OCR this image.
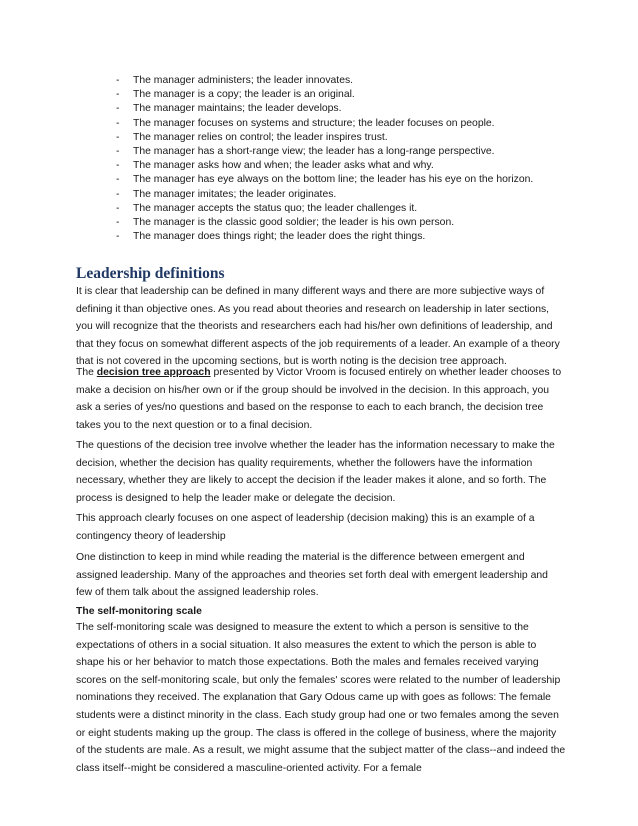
- The manager administers; the leader innovates.
- The manager is a copy; the leader is an original.
- The manager maintains; the leader develops.
- The manager focuses on systems and structure; the leader focuses on people.
- The manager relies on control; the leader inspires trust.
- The manager has a short-range view; the leader has a long-range perspective.
- The manager asks how and when; the leader asks what and why.
- The manager has eye always on the bottom line; the leader has his eye on the horizon.
- The manager imitates; the leader originates.
- The manager accepts the status quo; the leader challenges it.
- The manager is the classic good soldier; the leader is his own person.
- The manager does things right; the leader does the right things.
Leadership definitions

It is clear that leadership can be defined in many different ways and there are more subjective ways of defining it than objective ones. As you read about theories and research on leadership in later sections, you will recognize that the theorists and researchers each had his/her own definitions of leadership, and that they focus on somewhat different aspects of the job requirements of a leader. An example of a theory that is not covered in the upcoming sections, but is worth noting is the decision tree approach.

The decision tree approach presented by Victor Vroom is focused entirely on whether leader chooses to make a decision on his/her own or if the group should be involved in the decision. In this approach, you ask a series of yes/no questions and based on the response to each to each branch, the decision tree takes you to the next question or to a final decision.

The questions of the decision tree involve whether the leader has the information necessary to make the decision, whether the decision has quality requirements, whether the followers have the information necessary, whether they are likely to accept the decision if the leader makes it alone, and so forth. The process is designed to help the leader make or delegate the decision.

This approach clearly focuses on one aspect of leadership (decision making) this is an example of a contingency theory of leadership

One distinction to keep in mind while reading the material is the difference between emergent and assigned leadership. Many of the approaches and theories set forth deal with emergent leadership and few of them talk about the assigned leadership roles.

The self-monitoring scale

The self-monitoring scale was designed to measure the extent to which a person is sensitive to the expectations of others in a social situation. It also measures the extent to which the person is able to shape his or her behavior to match those expectations. Both the males and females received varying scores on the self-monitoring scale, but only the females' scores were related to the number of leadership nominations they received. The explanation that Gary Odous came up with goes as follows: The female students were a distinct minority in the class. Each study group had one or two females among the seven or eight students making up the group. The class is offered in the college of business, where the majority of the students are male. As a result, we might assume that the subject matter of the class--and indeed the class itself--might be considered a masculine-oriented activity. For a female
